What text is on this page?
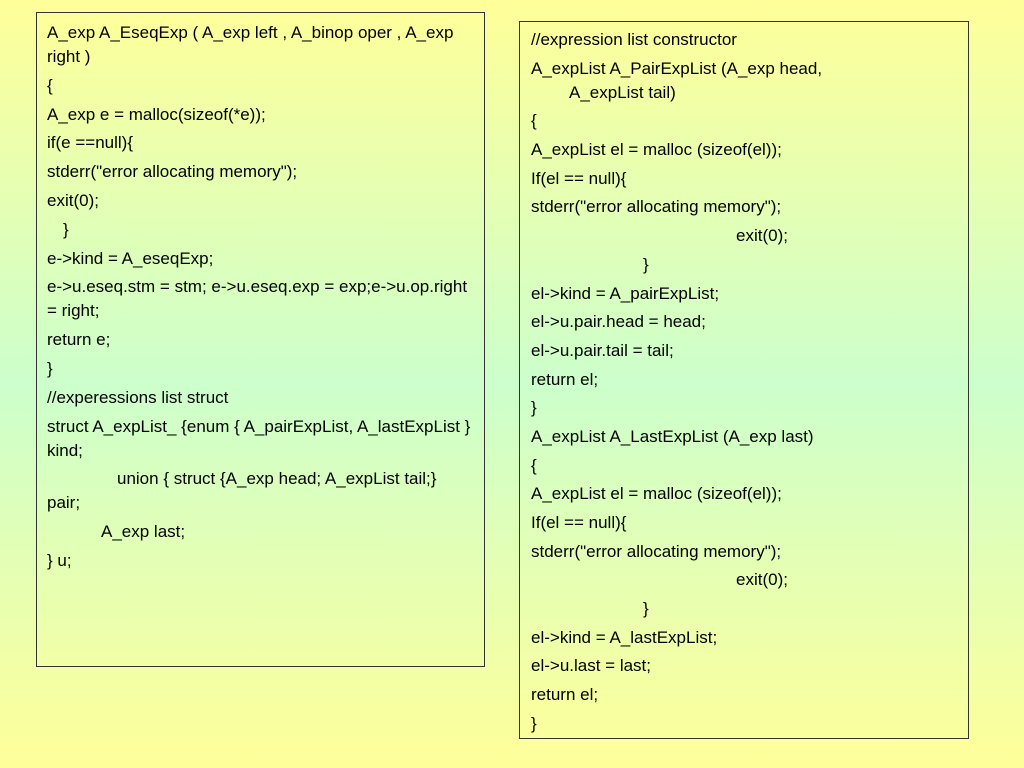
A_exp A_EseqExp ( A_exp left , A_binop oper , A_exp right )
{
A_exp e = malloc(sizeof(*e));
if(e ==null){
stderr("error allocating memory");
exit(0);
}
e->kind = A_eseqExp;
e->u.eseq.stm = stm; e->u.eseq.exp = exp;e->u.op.right = right;
return e;
}
//experessions list struct
struct A_expList_ {enum { A_pairExpList, A_lastExpList } kind;
union { struct {A_exp head; A_expList tail;} pair;
A_exp last;
} u;
//expression list constructor
A_expList A_PairExpList (A_exp head,
A_expList tail)
{
A_expList el = malloc (sizeof(el));
If(el == null){
stderr("error allocating memory");
exit(0);
}
el->kind = A_pairExpList;
el->u.pair.head = head;
el->u.pair.tail = tail;
return el;
}
A_expList A_LastExpList (A_exp last)
{
A_expList el = malloc (sizeof(el));
If(el == null){
stderr("error allocating memory");
exit(0);
}
el->kind = A_lastExpList;
el->u.last = last;
return el;
}
